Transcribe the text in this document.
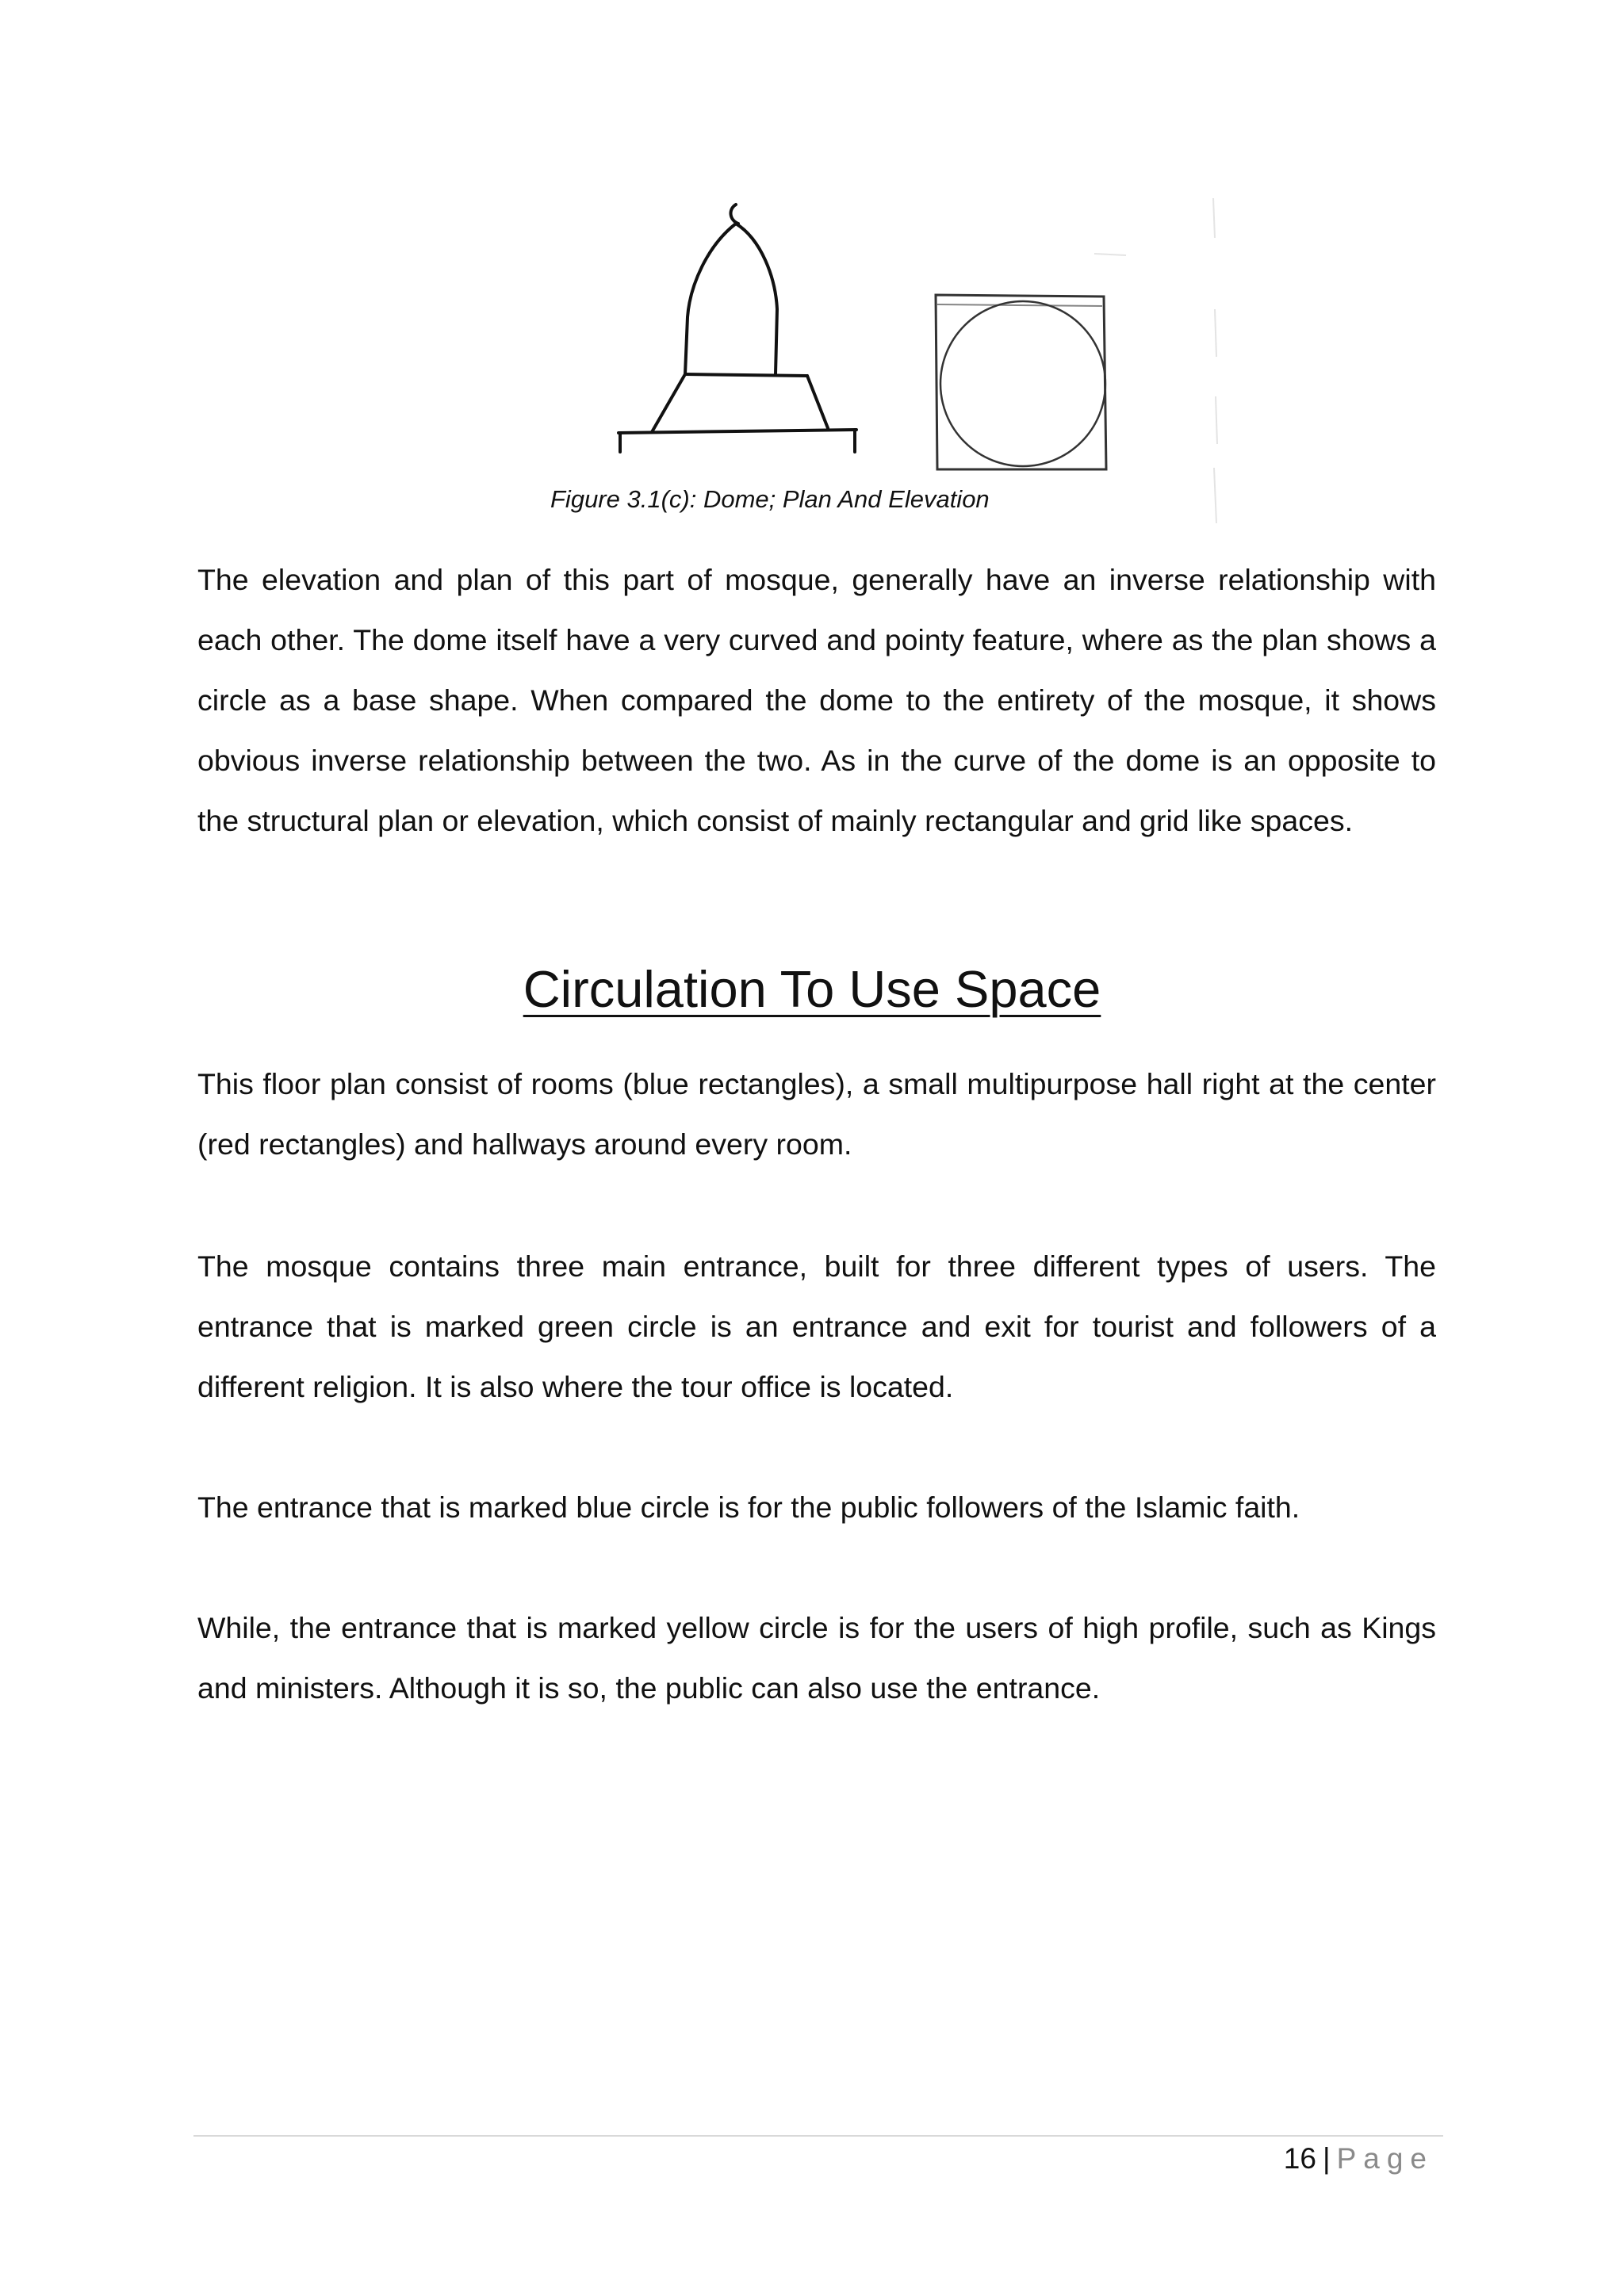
Figure 3.1(c): Dome; Plan And Elevation

The elevation and plan of this part of mosque, generally have an inverse relationship with each other. The dome itself have a very curved and pointy feature, where as the plan shows a circle as a base shape. When compared the dome to the entirety of the mosque, it shows obvious inverse relationship between the two. As in the curve of the dome is an opposite to the structural plan or elevation, which consist of mainly rectangular and grid like spaces.

Circulation To Use Space

This floor plan consist of rooms (blue rectangles), a small multipurpose hall right at the center (red rectangles) and hallways around every room.

The mosque contains three main entrance, built for three different types of users. The entrance that is marked green circle is an entrance and exit for tourist and followers of a different religion. It is also where the tour office is located.

The entrance that is marked blue circle is for the public followers of the Islamic faith.

While, the entrance that is marked yellow circle is for the users of high profile, such as Kings and ministers. Although it is so, the public can also use the entrance.

16 | Page
